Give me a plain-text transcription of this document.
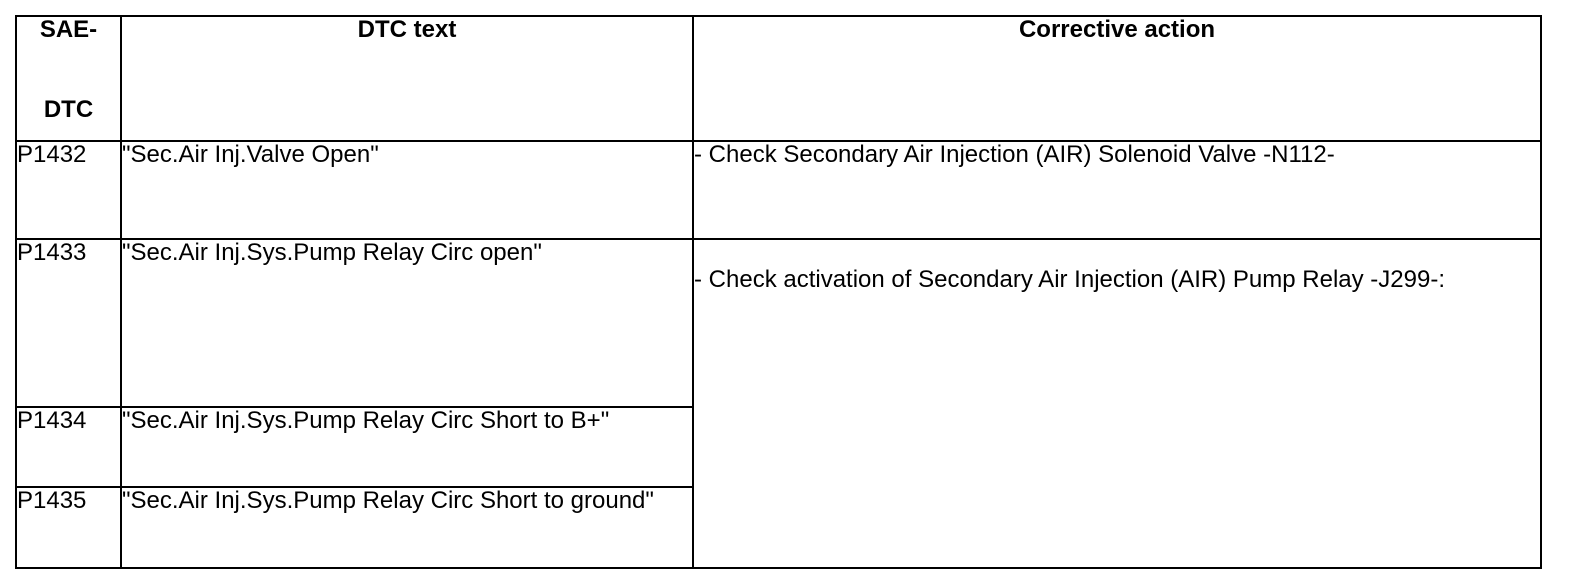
SAE-
DTC	DTC text	Corrective action
P1432	"Sec.Air Inj.Valve Open"	- Check Secondary Air Injection (AIR) Solenoid Valve -N112-
P1433	"Sec.Air Inj.Sys.Pump Relay Circ open"	- Check activation of Secondary Air Injection (AIR) Pump Relay -J299-:
P1434	"Sec.Air Inj.Sys.Pump Relay Circ Short to B+"	
P1435	"Sec.Air Inj.Sys.Pump Relay Circ Short to ground"	
